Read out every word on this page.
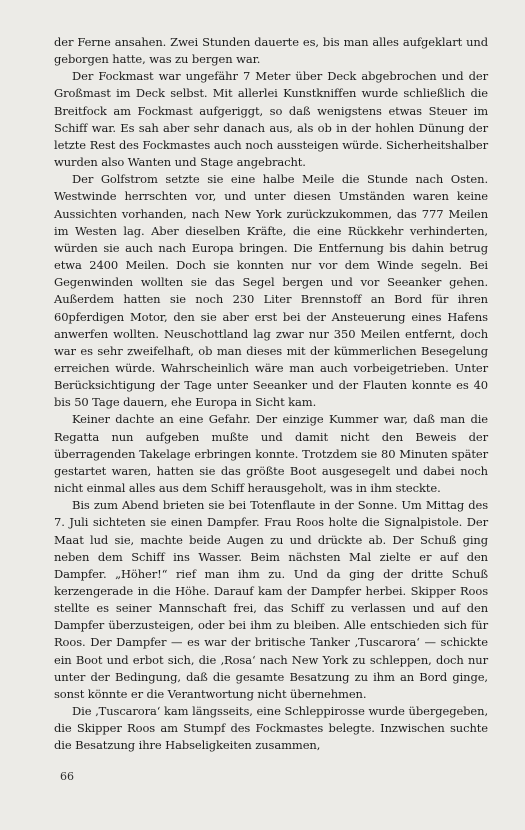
der Ferne ansahen. Zwei Stunden dauerte es, bis man alles aufgeklart und geborgen hatte, was zu bergen war.

Der Fockmast war ungefähr 7 Meter über Deck abgebrochen und der Großmast im Deck selbst. Mit allerlei Kunstkniffen wurde schließlich die Breitfock am Fockmast aufgeriggt, so daß wenigstens etwas Steuer im Schiff war. Es sah aber sehr danach aus, als ob in der hohlen Dünung der letzte Rest des Fockmastes auch noch aussteigen würde. Sicherheitshalber wurden also Wanten und Stage angebracht.

Der Golfstrom setzte sie eine halbe Meile die Stunde nach Osten. Westwinde herrschten vor, und unter diesen Umständen waren keine Aussichten vorhanden, nach New York zurückzukommen, das 777 Meilen im Westen lag. Aber dieselben Kräfte, die eine Rückkehr verhinderten, würden sie auch nach Europa bringen. Die Entfernung bis dahin betrug etwa 2400 Meilen. Doch sie konnten nur vor dem Winde segeln. Bei Gegenwinden wollten sie das Segel bergen und vor Seeanker gehen. Außerdem hatten sie noch 230 Liter Brennstoff an Bord für ihren 60pferdigen Motor, den sie aber erst bei der Ansteuerung eines Hafens anwerfen wollten. Neuschottland lag zwar nur 350 Meilen entfernt, doch war es sehr zweifelhaft, ob man dieses mit der kümmerlichen Besegelung erreichen würde. Wahrscheinlich wäre man auch vorbeigetrieben. Unter Berücksichtigung der Tage unter Seeanker und der Flauten konnte es 40 bis 50 Tage dauern, ehe Europa in Sicht kam.

Keiner dachte an eine Gefahr. Der einzige Kummer war, daß man die Regatta nun aufgeben mußte und damit nicht den Beweis der überragenden Takelage erbringen konnte. Trotzdem sie 80 Minuten später gestartet waren, hatten sie das größte Boot ausgesegelt und dabei noch nicht einmal alles aus dem Schiff herausgeholt, was in ihm steckte.

Bis zum Abend brieten sie bei Totenflaute in der Sonne. Um Mittag des 7. Juli sichteten sie einen Dampfer. Frau Roos holte die Signalpistole. Der Maat lud sie, machte beide Augen zu und drückte ab. Der Schuß ging neben dem Schiff ins Wasser. Beim nächsten Mal zielte er auf den Dampfer. „Höher!“ rief man ihm zu. Und da ging der dritte Schuß kerzengerade in die Höhe. Darauf kam der Dampfer herbei. Skipper Roos stellte es seiner Mannschaft frei, das Schiff zu verlassen und auf den Dampfer überzusteigen, oder bei ihm zu bleiben. Alle entschieden sich für Roos. Der Dampfer — es war der britische Tanker ‚Tuscarora‘ — schickte ein Boot und erbot sich, die ‚Rosa‘ nach New York zu schleppen, doch nur unter der Bedingung, daß die gesamte Besatzung zu ihm an Bord ginge, sonst könnte er die Verantwortung nicht übernehmen.

Die ‚Tuscarora‘ kam längsseits, eine Schleppirosse wurde übergegeben, die Skipper Roos am Stumpf des Fockmastes belegte. Inzwischen suchte die Besatzung ihre Habseligkeiten zusammen,

66
